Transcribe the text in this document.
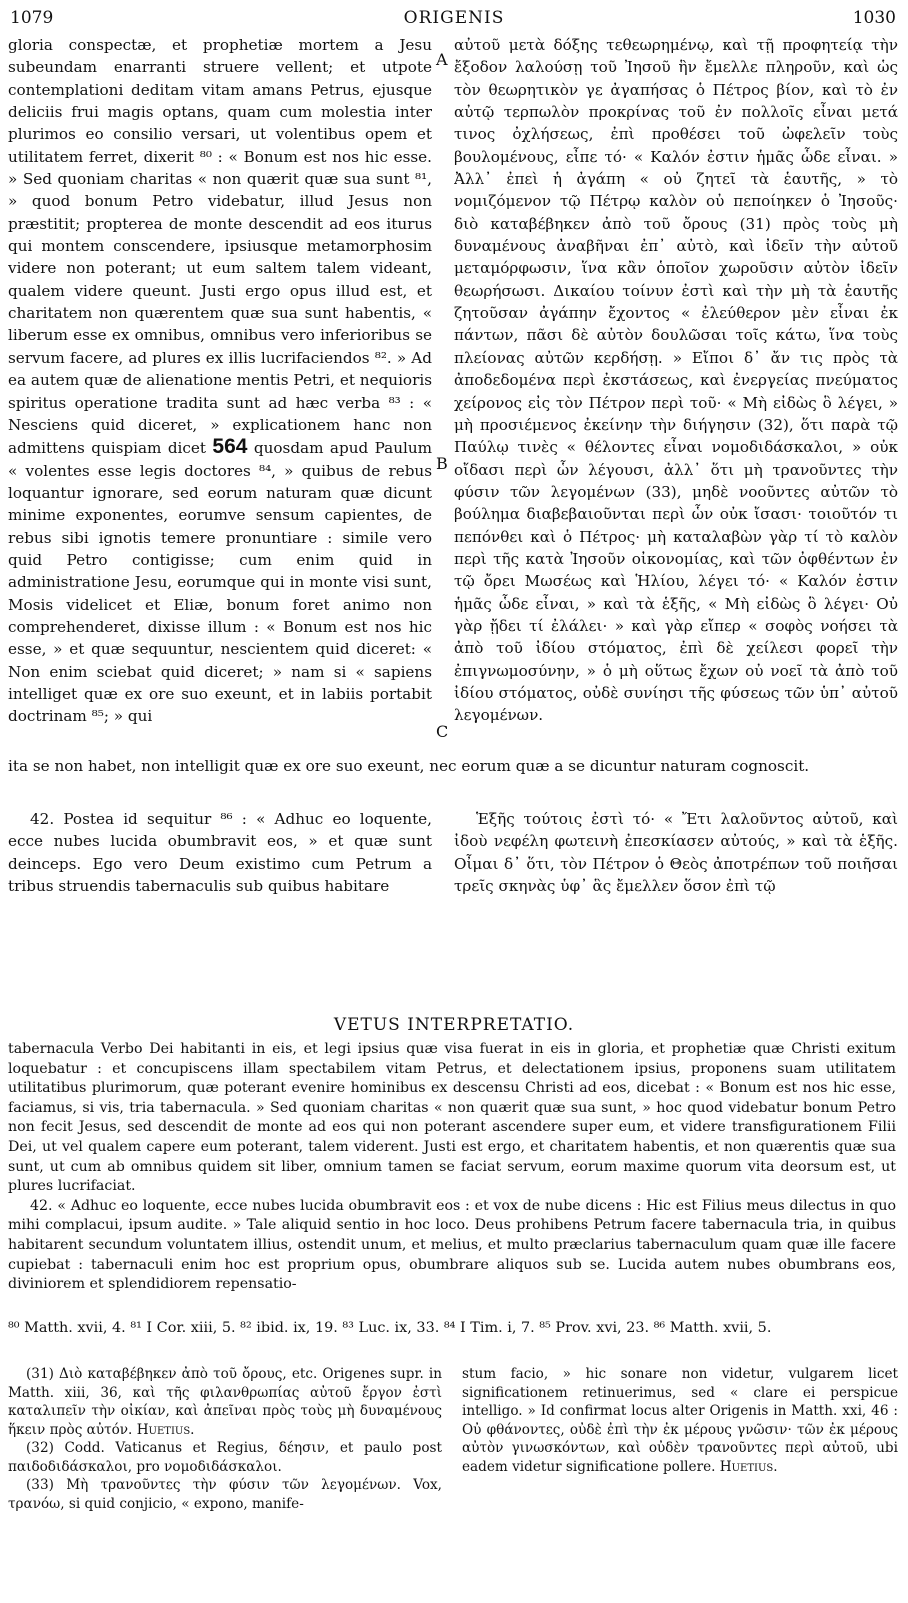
1079	ORIGENIS	1030

gloria conspectæ, et prophetiæ mortem a Jesu subeundam enarranti struere vellent; et utpote contemplationi deditam vitam amans Petrus, ejusque deliciis frui magis optans, quam cum molestia inter plurimos eo consilio versari, ut volentibus opem et utilitatem ferret, dixerit ⁸⁰ : « Bonum est nos hic esse. » Sed quoniam charitas « non quærit quæ sua sunt ⁸¹, » quod bonum Petro videbatur, illud Jesus non præstitit; propterea de monte descendit ad eos iturus qui montem conscendere, ipsiusque metamorphosim videre non poterant; ut eum saltem talem videant, qualem videre queunt. Justi ergo opus illud est, et charitatem non quærentem quæ sua sunt habentis, « liberum esse ex omnibus, omnibus vero inferioribus se servum facere, ad plures ex illis lucrifaciendos ⁸². » Ad ea autem quæ de alienatione mentis Petri, et nequioris spiritus operatione tradita sunt ad hæc verba ⁸³ : « Nesciens quid diceret, » explicationem hanc non admittens quispiam dicet 564 quosdam apud Paulum « volentes esse legis doctores ⁸⁴, » quibus de rebus loquantur ignorare, sed eorum naturam quæ dicunt minime exponentes, eorumve sensum capientes, de rebus sibi ignotis temere pronuntiare : simile vero quid Petro contigisse; cum enim quid in administratione Jesu, eorumque qui in monte visi sunt, Mosis videlicet et Eliæ, bonum foret animo non comprehenderet, dixisse illum : « Bonum est nos hic esse, » et quæ sequuntur, nescientem quid diceret: « Non enim sciebat quid diceret; » nam si « sapiens intelliget quæ ex ore suo exeunt, et in labiis portabit doctrinam ⁸⁵; » qui

A
B
C

αὐτοῦ μετὰ δόξης τεθεωρημένῳ, καὶ τῇ προφητείᾳ τὴν ἔξοδον λαλούσῃ τοῦ Ἰησοῦ ἣν ἔμελλε πληροῦν, καὶ ὡς τὸν θεωρητικὸν γε ἀγαπήσας ὁ Πέτρος βίον, καὶ τὸ ἐν αὐτῷ τερπωλὸν προκρίνας τοῦ ἐν πολλοῖς εἶναι μετά τινος ὀχλήσεως, ἐπὶ προθέσει τοῦ ὠφελεῖν τοὺς βουλομένους, εἶπε τό· « Καλόν ἐστιν ἡμᾶς ὧδε εἶναι. » Ἀλλ᾽ ἐπεὶ ἡ ἀγάπη « οὐ ζητεῖ τὰ ἑαυτῆς, » τὸ νομιζόμενον τῷ Πέτρῳ καλὸν οὐ πεποίηκεν ὁ Ἰησοῦς· διὸ καταβέβηκεν ἀπὸ τοῦ ὄρους (31) πρὸς τοὺς μὴ δυναμένους ἀναβῆναι ἐπ᾽ αὐτὸ, καὶ ἰδεῖν τὴν αὐτοῦ μεταμόρφωσιν, ἵνα κἂν ὁποῖον χωροῦσιν αὐτὸν ἰδεῖν θεωρήσωσι. Δικαίου τοίνυν ἐστὶ καὶ τὴν μὴ τὰ ἑαυτῆς ζητοῦσαν ἀγάπην ἔχοντος « ἐλεύθερον μὲν εἶναι ἐκ πάντων, πᾶσι δὲ αὐτὸν δουλῶσαι τοῖς κάτω, ἵνα τοὺς πλείονας αὐτῶν κερδήσῃ. » Εἴποι δ᾽ ἄν τις πρὸς τὰ ἀποδεδομένα περὶ ἐκστάσεως, καὶ ἐνεργείας πνεύματος χείρονος εἰς τὸν Πέτρον περὶ τοῦ· « Μὴ εἰδὼς ὃ λέγει, » μὴ προσιέμενος ἐκείνην τὴν διήγησιν (32), ὅτι παρὰ τῷ Παύλῳ τινὲς « θέλοντες εἶναι νομοδιδάσκαλοι, » οὐκ οἴδασι περὶ ὧν λέγουσι, ἀλλ᾽ ὅτι μὴ τρανοῦντες τὴν φύσιν τῶν λεγομένων (33), μηδὲ νοοῦντες αὐτῶν τὸ βούλημα διαβεβαιοῦνται περὶ ὧν οὐκ ἴσασι· τοιοῦτόν τι πεπόνθει καὶ ὁ Πέτρος· μὴ καταλαβὼν γὰρ τί τὸ καλὸν περὶ τῆς κατὰ Ἰησοῦν οἰκονομίας, καὶ τῶν ὀφθέντων ἐν τῷ ὄρει Μωσέως καὶ Ἡλίου, λέγει τό· « Καλόν ἐστιν ἡμᾶς ὧδε εἶναι, » καὶ τὰ ἑξῆς, « Μὴ εἰδὼς ὃ λέγει· Οὐ γὰρ ᾔδει τί ἐλάλει· » καὶ γὰρ εἴπερ « σοφὸς νοήσει τὰ ἀπὸ τοῦ ἰδίου στόματος, ἐπὶ δὲ χείλεσι φορεῖ τὴν ἐπιγνωμοσύνην, » ὁ μὴ οὕτως ἔχων οὐ νοεῖ τὰ ἀπὸ τοῦ ἰδίου στόματος, οὐδὲ συνίησι τῆς φύσεως τῶν ὑπ᾽ αὐτοῦ λεγομένων.

ita se non habet, non intelligit quæ ex ore suo exeunt, nec eorum quæ a se dicuntur naturam cognoscit.

42. Postea id sequitur ⁸⁶ : « Adhuc eo loquente, ecce nubes lucida obumbravit eos, » et quæ sunt deinceps. Ego vero Deum existimo cum Petrum a tribus struendis tabernaculis sub quibus habitare

Ἑξῆς τούτοις ἐστὶ τό· « Ἔτι λαλοῦντος αὐτοῦ, καὶ ἰδοὺ νεφέλη φωτεινὴ ἐπεσκίασεν αὐτούς, » καὶ τὰ ἑξῆς. Οἶμαι δ᾽ ὅτι, τὸν Πέτρον ὁ Θεὸς ἀποτρέπων τοῦ ποιῆσαι τρεῖς σκηνὰς ὑφ᾽ ἃς ἔμελλεν ὅσον ἐπὶ τῷ

VETUS INTERPRETATIO.

tabernacula Verbo Dei habitanti in eis, et legi ipsius quæ visa fuerat in eis in gloria, et prophetiæ quæ Christi exitum loquebatur : et concupiscens illam spectabilem vitam Petrus, et delectationem ipsius, proponens suam utilitatem utilitatibus plurimorum, quæ poterant evenire hominibus ex descensu Christi ad eos, dicebat : « Bonum est nos hic esse, faciamus, si vis, tria tabernacula. » Sed quoniam charitas « non quærit quæ sua sunt, » hoc quod videbatur bonum Petro non fecit Jesus, sed descendit de monte ad eos qui non poterant ascendere super eum, et videre transfigurationem Filii Dei, ut vel qualem capere eum poterant, talem viderent. Justi est ergo, et charitatem habentis, et non quærentis quæ sua sunt, ut cum ab omnibus quidem sit liber, omnium tamen se faciat servum, eorum maxime quorum vita deorsum est, ut plures lucrifaciat.

42. « Adhuc eo loquente, ecce nubes lucida obumbravit eos : et vox de nube dicens : Hic est Filius meus dilectus in quo mihi complacui, ipsum audite. » Tale aliquid sentio in hoc loco. Deus prohibens Petrum facere tabernacula tria, in quibus habitarent secundum voluntatem illius, ostendit unum, et melius, et multo præclarius tabernaculum quam quæ ille facere cupiebat : tabernaculi enim hoc est proprium opus, obumbrare aliquos sub se. Lucida autem nubes obumbrans eos, diviniorem et splendidiorem repensatio-

⁸⁰ Matth. xvii, 4. ⁸¹ I Cor. xiii, 5. ⁸² ibid. ix, 19. ⁸³ Luc. ix, 33. ⁸⁴ I Tim. i, 7. ⁸⁵ Prov. xvi, 23. ⁸⁶ Matth. xvii, 5.

(31) Διὸ καταβέβηκεν ἀπὸ τοῦ ὄρους, etc. Origenes supr. in Matth. xiii, 36, καὶ τῆς φιλανθρωπίας αὐτοῦ ἔργον ἐστὶ καταλιπεῖν τὴν οἰκίαν, καὶ ἀπεῖναι πρὸς τοὺς μὴ δυναμένους ἥκειν πρὸς αὐτόν. Huetius.

(32) Codd. Vaticanus et Regius, δέησιν, et paulo post παιδοδιδάσκαλοι, pro νομοδιδάσκαλοι.

(33) Μὴ τρανοῦντες τὴν φύσιν τῶν λεγομένων. Vox, τρανόω, si quid conjicio, « expono, manife-

stum facio, » hic sonare non videtur, vulgarem licet significationem retinuerimus, sed « clare ei perspicue intelligo. » Id confirmat locus alter Origenis in Matth. xxi, 46 : Οὐ φθάνοντες, οὐδὲ ἐπὶ τὴν ἐκ μέρους γνῶσιν· τῶν ἐκ μέρους αὐτὸν γινωσκόντων, καὶ οὐδὲν τρανοῦντες περὶ αὐτοῦ, ubi eadem videtur significatione pollere. Huetius.
